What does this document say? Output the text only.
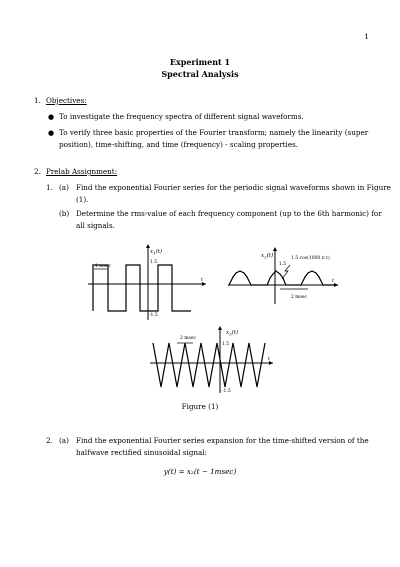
1
Experiment 1
Spectral Analysis
1. Objectives:
● To investigate the frequency spectra of different signal waveforms.
● To verify three basic properties of the Fourier transform; namely the linearity (super
position), time-shifting, and time (frequency) - scaling properties.
2. Prelab Assignment:
1. (a) Find the exponential Fourier series for the periodic signal waveforms shown in Figure
(1).
(b) Determine the rms-value of each frequency component (up to the 6th harmonic) for
all signals.
$x_1(t)$
1.5
1 msec
-1.5
t
$x_2(t)$
1.5
1.5 cos(1000 π t)
2 msec
t
$x_3(t)$
1.5
2 msec
-1.5
t
Figure (1)
2. (a) Find the exponential Fourier series expansion for the time-shifted version of the
halfwave rectified sinusoidal signal:
y(t) = x₂(t − 1msec)
